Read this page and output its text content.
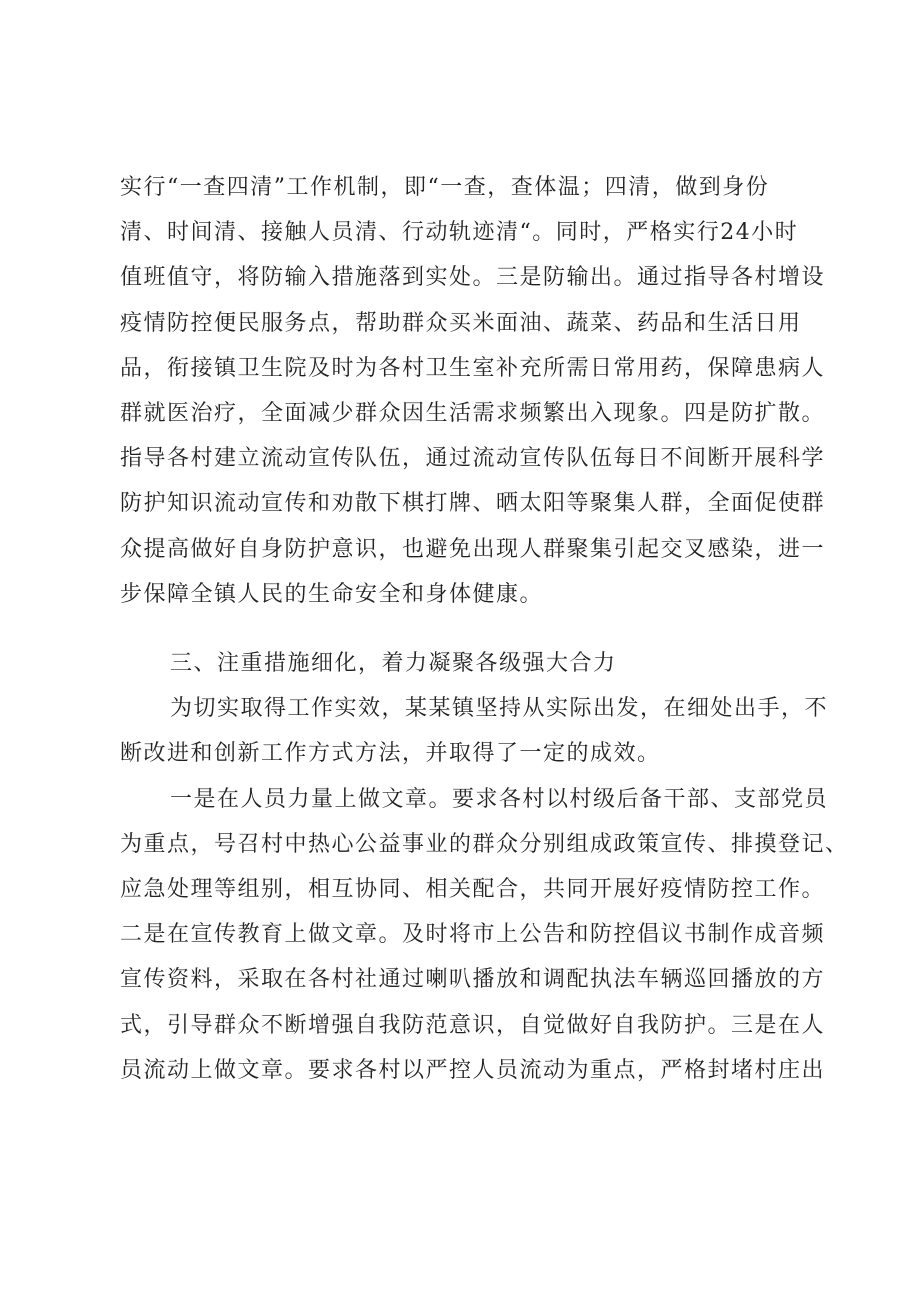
实行“一查四清”工作机制，即“一查，查体温；四清，做到身份
清、时间清、接触人员清、行动轨迹清“。同时，严格实行24小时
值班值守，将防输入措施落到实处。三是防输出。通过指导各村增设
疫情防控便民服务点，帮助群众买米面油、蔬菜、药品和生活日用
品，衔接镇卫生院及时为各村卫生室补充所需日常用药，保障患病人
群就医治疗，全面减少群众因生活需求频繁出入现象。四是防扩散。
指导各村建立流动宣传队伍，通过流动宣传队伍每日不间断开展科学
防护知识流动宣传和劝散下棋打牌、晒太阳等聚集人群，全面促使群
众提高做好自身防护意识，也避免出现人群聚集引起交叉感染，进一
步保障全镇人民的生命安全和身体健康。
三、注重措施细化，着力凝聚各级强大合力
为切实取得工作实效，某某镇坚持从实际出发，在细处出手，不
断改进和创新工作方式方法，并取得了一定的成效。
一是在人员力量上做文章。要求各村以村级后备干部、支部党员
为重点，号召村中热心公益事业的群众分别组成政策宣传、排摸登记、
应急处理等组别，相互协同、相关配合，共同开展好疫情防控工作。
二是在宣传教育上做文章。及时将市上公告和防控倡议书制作成音频
宣传资料，采取在各村社通过喇叭播放和调配执法车辆巡回播放的方
式，引导群众不断增强自我防范意识，自觉做好自我防护。三是在人
员流动上做文章。要求各村以严控人员流动为重点，严格封堵村庄出
